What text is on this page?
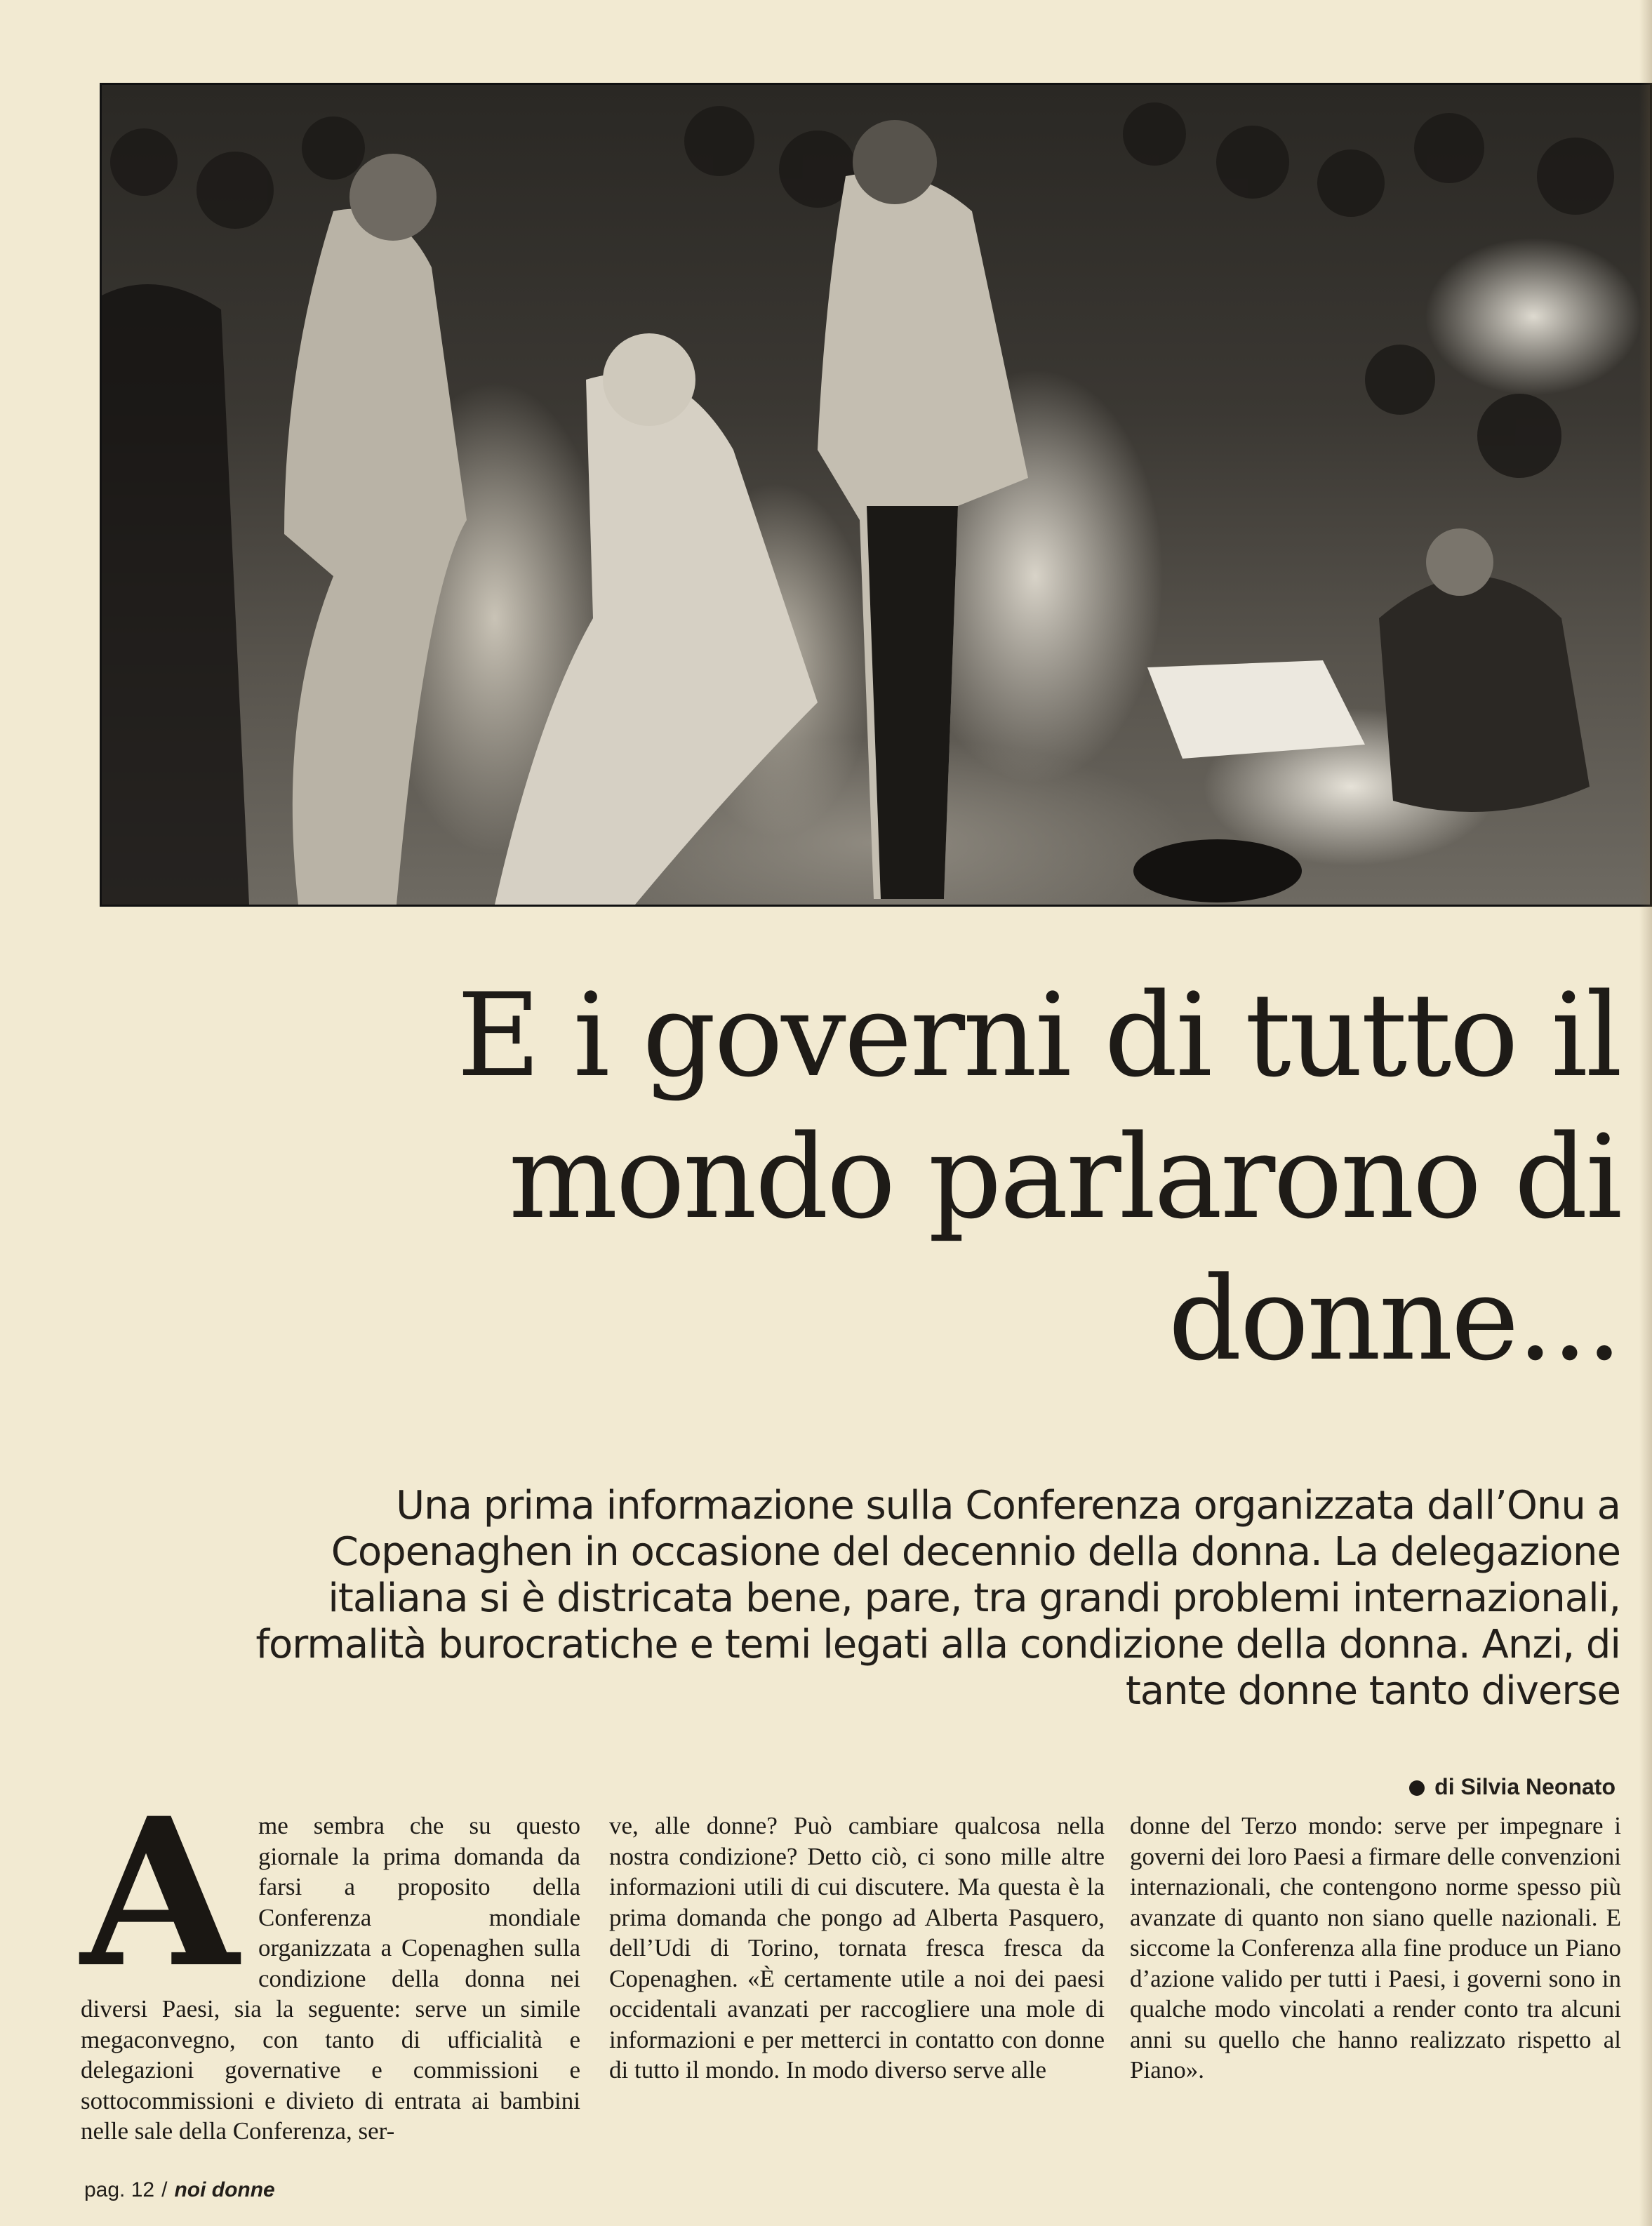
E i governi di tutto il mondo parlarono di donne...

Una prima informazione sulla Conferenza organizzata dall’Onu a Copenaghen in occasione del decennio della donna. La delegazione italiana si è districata bene, pare, tra grandi problemi internazionali, formalità burocratiche e temi legati alla condizione della donna. Anzi, di tante donne tanto diverse

di Silvia Neonato

Ame sembra che su questo giornale la prima domanda da farsi a proposito della Conferenza mondiale organizzata a Copenaghen sulla condizione della donna nei diversi Paesi, sia la seguente: serve un simile megaconvegno, con tanto di ufficialità e delegazioni governative e commissioni e sottocommissioni e divieto di entrata ai bambini nelle sale della Conferenza, ser-

ve, alle donne? Può cambiare qualcosa nella nostra condizione? Detto ciò, ci sono mille altre informazioni utili di cui discutere. Ma questa è la prima domanda che pongo ad Alberta Pasquero, dell’Udi di Torino, tornata fresca fresca da Copenaghen. «È certamente utile a noi dei paesi occidentali avanzati per raccogliere una mole di informazioni e per metterci in contatto con donne di tutto il mondo. In modo diverso serve alle

donne del Terzo mondo: serve per impegnare i governi dei loro Paesi a firmare delle convenzioni internazionali, che contengono norme spesso più avanzate di quanto non siano quelle nazionali. E siccome la Conferenza alla fine produce un Piano d’azione valido per tutti i Paesi, i governi sono in qualche modo vincolati a render conto tra alcuni anni su quello che hanno realizzato rispetto al Piano».

pag. 12 / noi donne
